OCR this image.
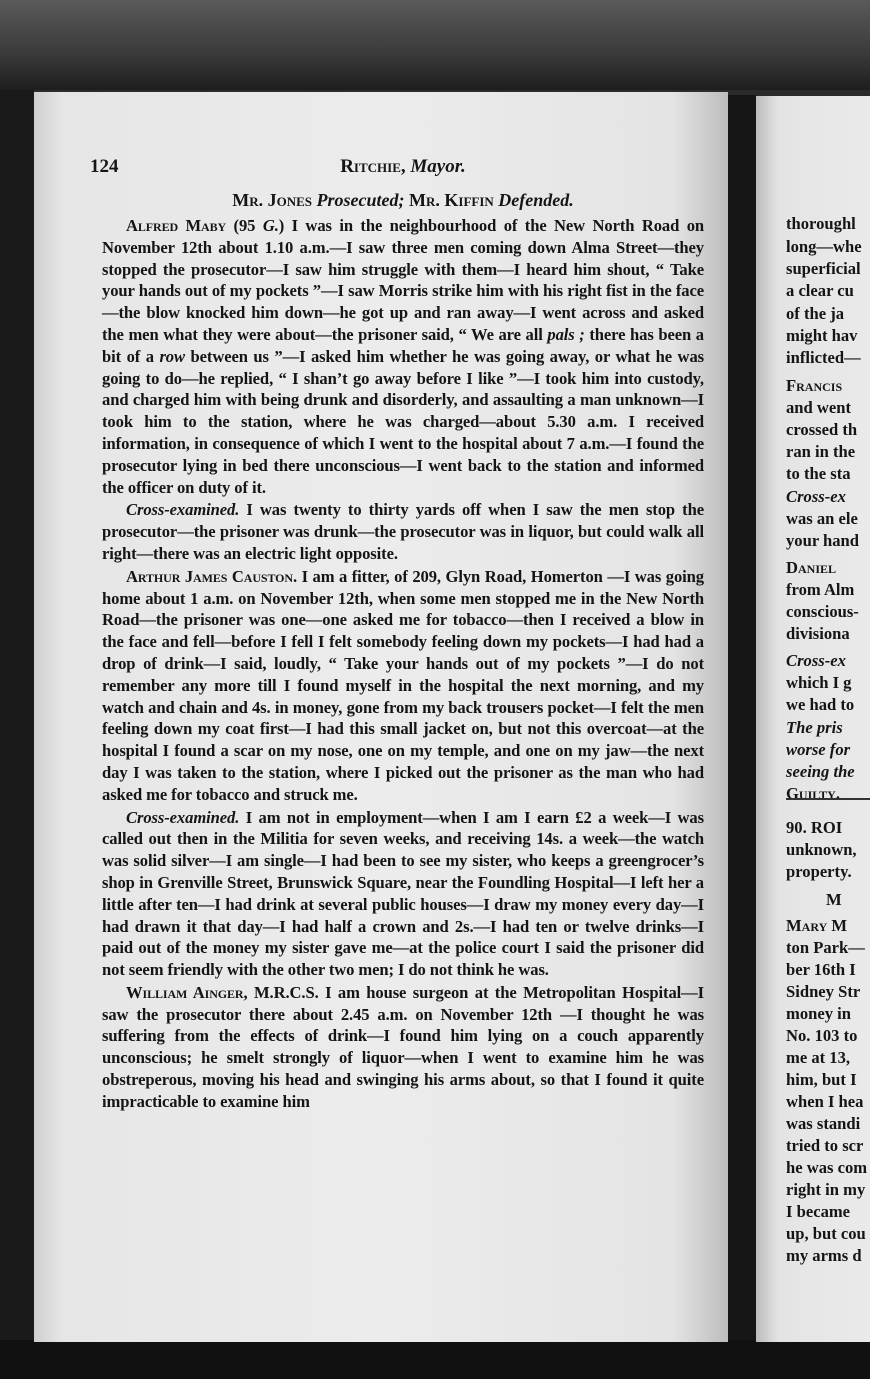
124	Ritchie, Mayor.
Mr. Jones Prosecuted; Mr. Kiffin Defended.

Alfred Maby (95 G.) I was in the neighbourhood of the New North Road on November 12th about 1.10 a.m.—I saw three men coming down Alma Street—they stopped the prosecutor—I saw him struggle with them—I heard him shout, “ Take your hands out of my pockets ”—I saw Morris strike him with his right fist in the face—the blow knocked him down—he got up and ran away—I went across and asked the men what they were about—the prisoner said, “ We are all pals ; there has been a bit of a row between us ”—I asked him whether he was going away, or what he was going to do—he replied, “ I shan’t go away before I like ”—I took him into custody, and charged him with being drunk and disorderly, and assaulting a man unknown—I took him to the station, where he was charged—about 5.30 a.m. I received information, in consequence of which I went to the hospital about 7 a.m.—I found the prosecutor lying in bed there unconscious—I went back to the station and informed the officer on duty of it.

Cross-examined. I was twenty to thirty yards off when I saw the men stop the prosecutor—the prisoner was drunk—the prosecutor was in liquor, but could walk all right—there was an electric light opposite.

Arthur James Causton. I am a fitter, of 209, Glyn Road, Homerton —I was going home about 1 a.m. on November 12th, when some men stopped me in the New North Road—the prisoner was one—one asked me for tobacco—then I received a blow in the face and fell—before I fell I felt somebody feeling down my pockets—I had had a drop of drink—I said, loudly, “ Take your hands out of my pockets ”—I do not remember any more till I found myself in the hospital the next morning, and my watch and chain and 4s. in money, gone from my back trousers pocket—I felt the men feeling down my coat first—I had this small jacket on, but not this overcoat—at the hospital I found a scar on my nose, one on my temple, and one on my jaw—the next day I was taken to the station, where I picked out the prisoner as the man who had asked me for tobacco and struck me.

Cross-examined. I am not in employment—when I am I earn £2 a week—I was called out then in the Militia for seven weeks, and receiving 14s. a week—the watch was solid silver—I am single—I had been to see my sister, who keeps a greengrocer’s shop in Grenville Street, Brunswick Square, near the Foundling Hospital—I left her a little after ten—I had drink at several public houses—I draw my money every day—I had drawn it that day—I had half a crown and 2s.—I had ten or twelve drinks—I paid out of the money my sister gave me—at the police court I said the prisoner did not seem friendly with the other two men; I do not think he was.

William Ainger, M.R.C.S. I am house surgeon at the Metropolitan Hospital—I saw the prosecutor there about 2.45 a.m. on November 12th —I thought he was suffering from the effects of drink—I found him lying on a couch apparently unconscious; he smelt strongly of liquor—when I went to examine him he was obstreperous, moving his head and swinging his arms about, so that I found it quite impracticable to examine him

thoroughl
long—whe
superficial
a clear cu
of the ja
might hav
inflicted—
Francis
and went
crossed th
ran in the
to the sta
Cross-ex
was an ele
your hand
Daniel
from Alm
conscious-
divisiona
Cross-ex
which I g
we had to
The pris
worse for
seeing the
Guilty.
90. ROI
unknown,
property.
M
Mary M
ton Park—
ber 16th I
Sidney Str
money in
No. 103 to
me at 13,
him, but I
when I hea
was standi
tried to scr
he was com
right in my
I became
up, but cou
my arms d
